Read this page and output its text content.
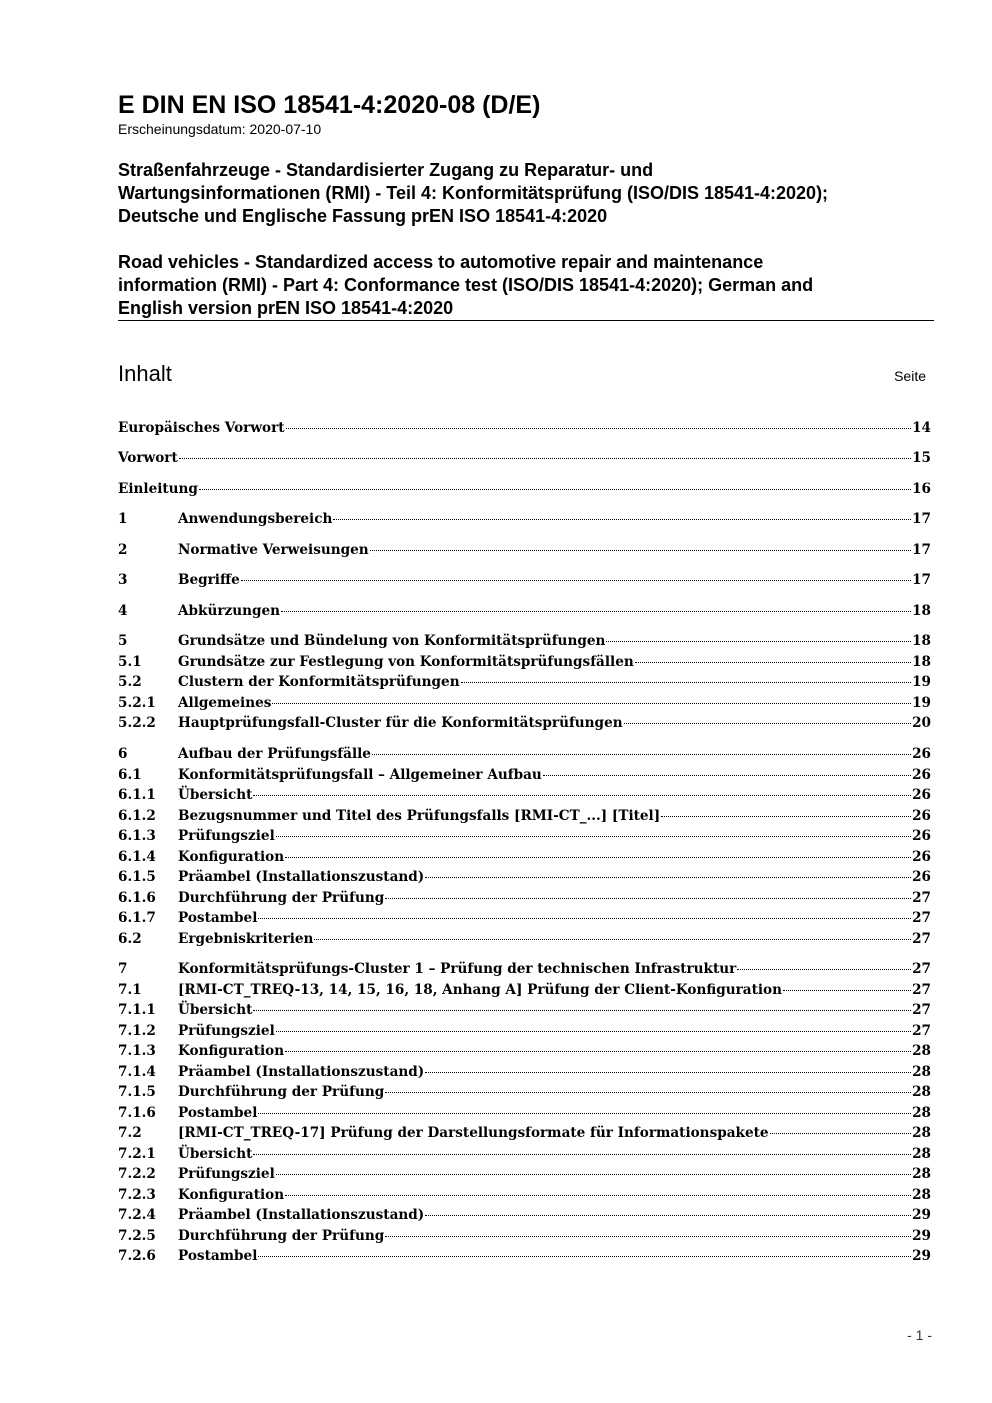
E DIN EN ISO 18541-4:2020-08 (D/E)
Erscheinungsdatum: 2020-07-10
Straßenfahrzeuge - Standardisierter Zugang zu Reparatur- und
Wartungsinformationen (RMI) - Teil 4: Konformitätsprüfung (ISO/DIS 18541-4:2020);
Deutsche und Englische Fassung prEN ISO 18541-4:2020
Road vehicles - Standardized access to automotive repair and maintenance
information (RMI) - Part 4: Conformance test (ISO/DIS 18541-4:2020); German and
English version prEN ISO 18541-4:2020
Inhalt	Seite
Europäisches Vorwort	14
Vorwort	15
Einleitung	16
1	Anwendungsbereich	17
2	Normative Verweisungen	17
3	Begriffe	17
4	Abkürzungen	18
5	Grundsätze und Bündelung von Konformitätsprüfungen	18
5.1	Grundsätze zur Festlegung von Konformitätsprüfungsfällen	18
5.2	Clustern der Konformitätsprüfungen	19
5.2.1	Allgemeines	19
5.2.2	Hauptprüfungsfall-Cluster für die Konformitätsprüfungen	20
6	Aufbau der Prüfungsfälle	26
6.1	Konformitätsprüfungsfall – Allgemeiner Aufbau	26
6.1.1	Übersicht	26
6.1.2	Bezugsnummer und Titel des Prüfungsfalls [RMI-CT_...] [Titel]	26
6.1.3	Prüfungsziel	26
6.1.4	Konfiguration	26
6.1.5	Präambel (Installationszustand)	26
6.1.6	Durchführung der Prüfung	27
6.1.7	Postambel	27
6.2	Ergebniskriterien	27
7	Konformitätsprüfungs-Cluster 1 – Prüfung der technischen Infrastruktur	27
7.1	[RMI-CT_TREQ-13, 14, 15, 16, 18, Anhang A] Prüfung der Client-Konfiguration	27
7.1.1	Übersicht	27
7.1.2	Prüfungsziel	27
7.1.3	Konfiguration	28
7.1.4	Präambel (Installationszustand)	28
7.1.5	Durchführung der Prüfung	28
7.1.6	Postambel	28
7.2	[RMI-CT_TREQ-17] Prüfung der Darstellungsformate für Informationspakete	28
7.2.1	Übersicht	28
7.2.2	Prüfungsziel	28
7.2.3	Konfiguration	28
7.2.4	Präambel (Installationszustand)	29
7.2.5	Durchführung der Prüfung	29
7.2.6	Postambel	29
- 1 -
